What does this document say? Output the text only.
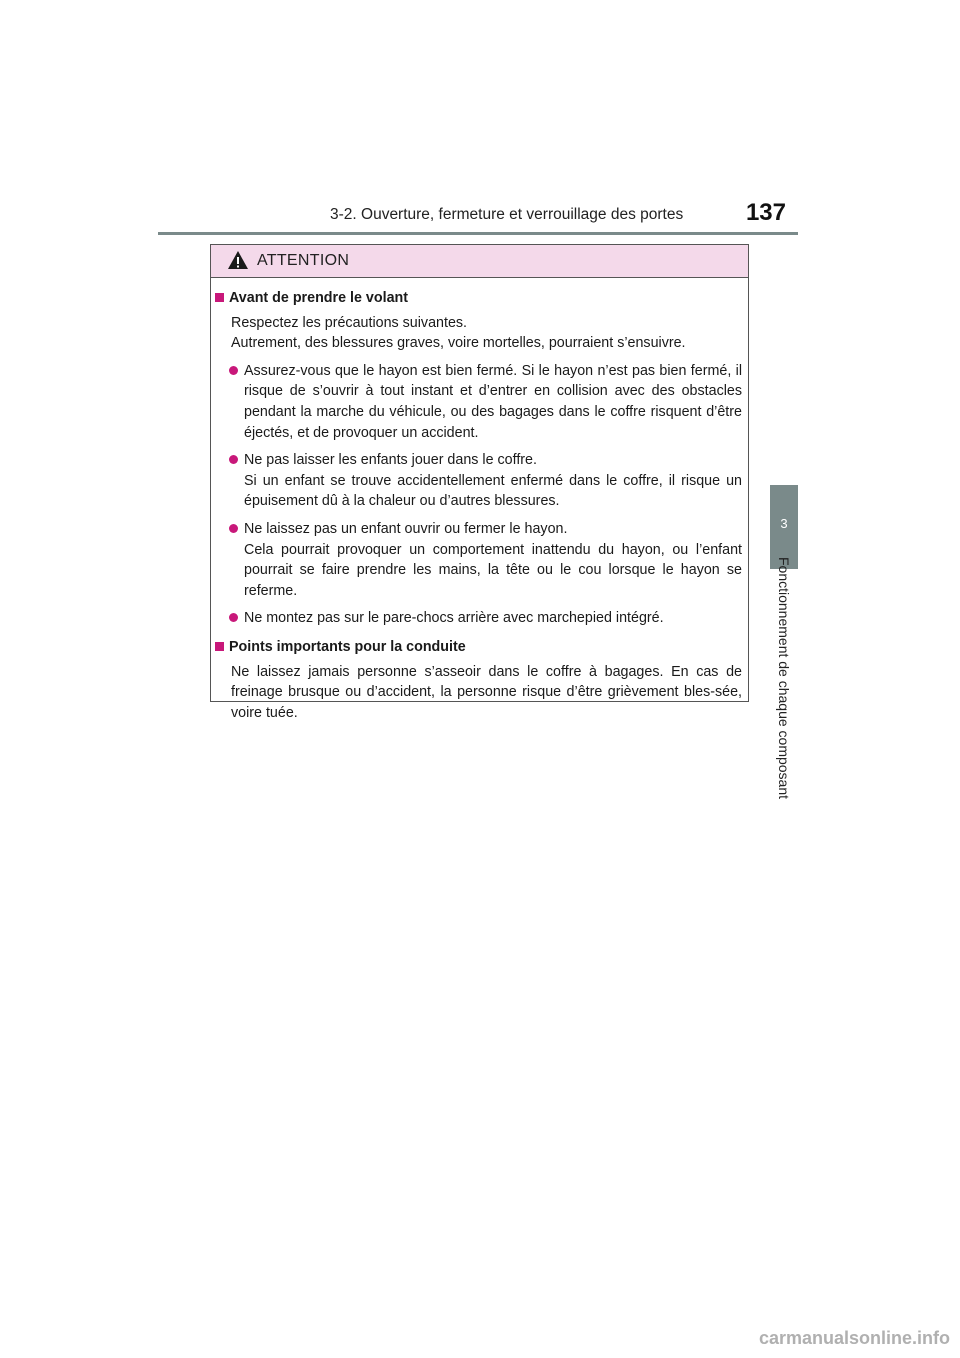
3-2. Ouverture, fermeture et verrouillage des portes	137
3
Fonctionnement de chaque composant
ATTENTION
Avant de prendre le volant
Respectez les précautions suivantes.
Autrement, des blessures graves, voire mortelles, pourraient s’ensuivre.
Assurez-vous que le hayon est bien fermé. Si le hayon n’est pas bien fermé, il risque de s’ouvrir à tout instant et d’entrer en collision avec des obstacles pendant la marche du véhicule, ou des bagages dans le coffre risquent d’être éjectés, et de provoquer un accident.
Ne pas laisser les enfants jouer dans le coffre.
Si un enfant se trouve accidentellement enfermé dans le coffre, il risque un épuisement dû à la chaleur ou d’autres blessures.
Ne laissez pas un enfant ouvrir ou fermer le hayon.
Cela pourrait provoquer un comportement inattendu du hayon, ou l’enfant pourrait se faire prendre les mains, la tête ou le cou lorsque le hayon se referme.
Ne montez pas sur le pare-chocs arrière avec marchepied intégré.
Points importants pour la conduite
Ne laissez jamais personne s’asseoir dans le coffre à bagages. En cas de freinage brusque ou d’accident, la personne risque d’être grièvement bles-sée, voire tuée.
carmanualsonline.info
